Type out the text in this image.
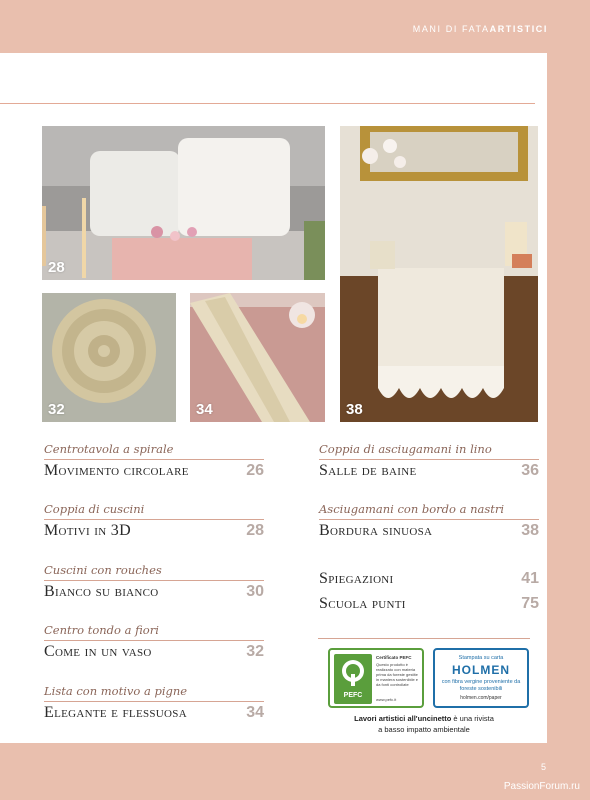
MANI DI FATAARTISTICI
28
38
32	34
Centrotavola a spirale
Movimento circolare	26
Coppia di cuscini
Motivi in 3D	28
Cuscini con rouches
Bianco su bianco	30
Centro tondo a fiori
Come in un vaso	32
Lista con motivo a pigne
Elegante e flessuosa	34
Coppia di asciugamani in lino
Salle de baine	36
Asciugamani con bordo a nastri
Bordura sinuosa	38
Spiegazioni	41
Scuola punti	75
PEFC
Certificato PEFC
Questo prodotto è realizzato con materia prima da foreste gestite in maniera sostenibile e da fonti controllate
www.pefc.it
Stampata su carta
HOLMEN
con fibra vergine proveniente da foreste sostenibili
holmen.com/paper
Lavori artistici all'uncinetto è una rivista
a basso impatto ambientale
5
PassionForum.ru
